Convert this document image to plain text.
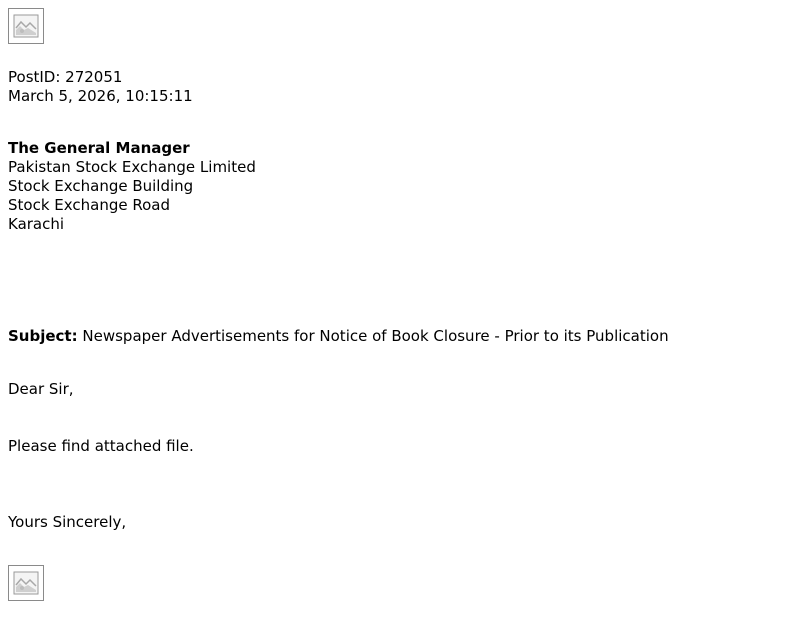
PostID: 272051
March 5, 2026, 10:15:11
The General Manager
Pakistan Stock Exchange Limited
Stock Exchange Building
Stock Exchange Road
Karachi
Subject: Newspaper Advertisements for Notice of Book Closure - Prior to its Publication
Dear Sir,
Please find attached file.
Yours Sincerely,
